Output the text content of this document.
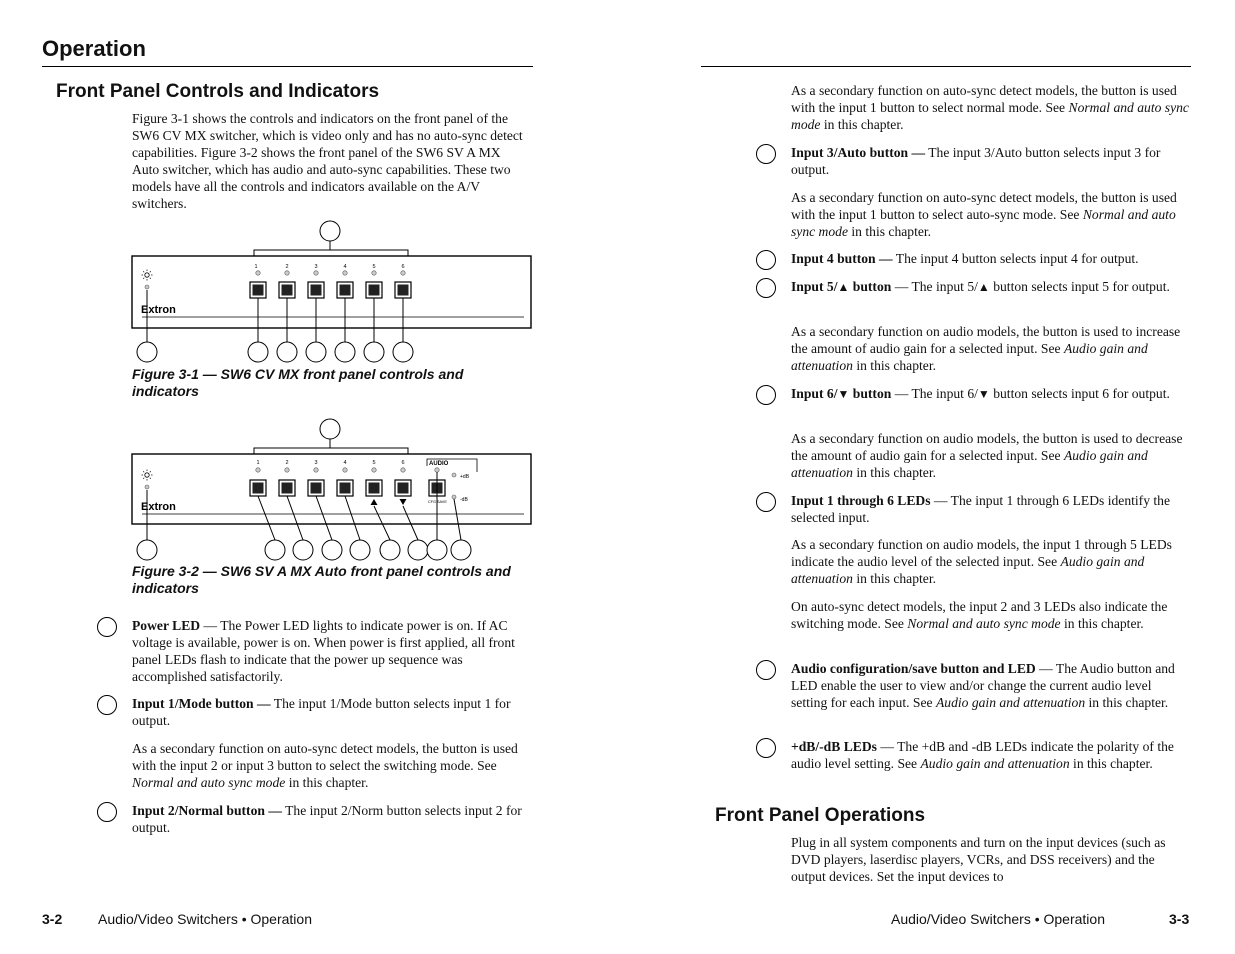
Operation
Front Panel Controls and Indicators
Figure 3-1 shows the controls and indicators on the front panel of the SW6 CV MX switcher, which is video only and has no auto-sync detect capabilities. Figure 3-2 shows the front panel of the SW6 SV A MX Auto switcher, which has audio and auto-sync capabilities. These two models have all the controls and indicators available on the A/V switchers.
Extron
1	2	3	4	5	6
Figure 3-1 — SW6 CV MX front panel controls and indicators
Extron
1	2	3	4	5	6	AUDIO
+dB
-dB
CFG SAVE
Figure 3-2 — SW6 SV A MX Auto front panel controls and indicators
Power LED — The Power LED lights to indicate power is on. If AC voltage is available, power is on. When power is first applied, all front panel LEDs flash to indicate that the power up sequence was accomplished satisfactorily.
Input 1/Mode button — The input 1/Mode button selects input 1 for output.
As a secondary function on auto-sync detect models, the button is used with the input 2 or input 3 button to select the switching mode. See Normal and auto sync mode in this chapter.
Input 2/Normal button — The input 2/Norm button selects input 2 for output.
3-2	Audio/Video Switchers • Operation
As a secondary function on auto-sync detect models, the button is used with the input 1 button to select normal mode. See Normal and auto sync mode in this chapter.
Input 3/Auto button — The input 3/Auto button selects input 3 for output.
As a secondary function on auto-sync detect models, the button is used with the input 1 button to select auto-sync mode. See Normal and auto sync mode in this chapter.
Input 4 button — The input 4 button selects input 4 for output.
Input 5/▲ button — The input 5/▲ button selects input 5 for output.
As a secondary function on audio models, the button is used to increase the amount of audio gain for a selected input. See Audio gain and attenuation in this chapter.
Input 6/▼ button — The input 6/▼ button selects input 6 for output.
As a secondary function on audio models, the button is used to decrease the amount of audio gain for a selected input. See Audio gain and attenuation in this chapter.
Input 1 through 6 LEDs — The input 1 through 6 LEDs identify the selected input.
As a secondary function on audio models, the input 1 through 5 LEDs indicate the audio level of the selected input. See Audio gain and attenuation in this chapter.
On auto-sync detect models, the input 2 and 3 LEDs also indicate the switching mode. See Normal and auto sync mode in this chapter.
Audio configuration/save button and LED — The Audio button and LED enable the user to view and/or change the current audio level setting for each input. See Audio gain and attenuation in this chapter.
+dB/-dB LEDs — The +dB and -dB LEDs indicate the polarity of the audio level setting. See Audio gain and attenuation in this chapter.
Front Panel Operations
Plug in all system components and turn on the input devices (such as DVD players, laserdisc players, VCRs, and DSS receivers) and the output devices. Set the input devices to
Audio/Video Switchers • Operation	3-3
